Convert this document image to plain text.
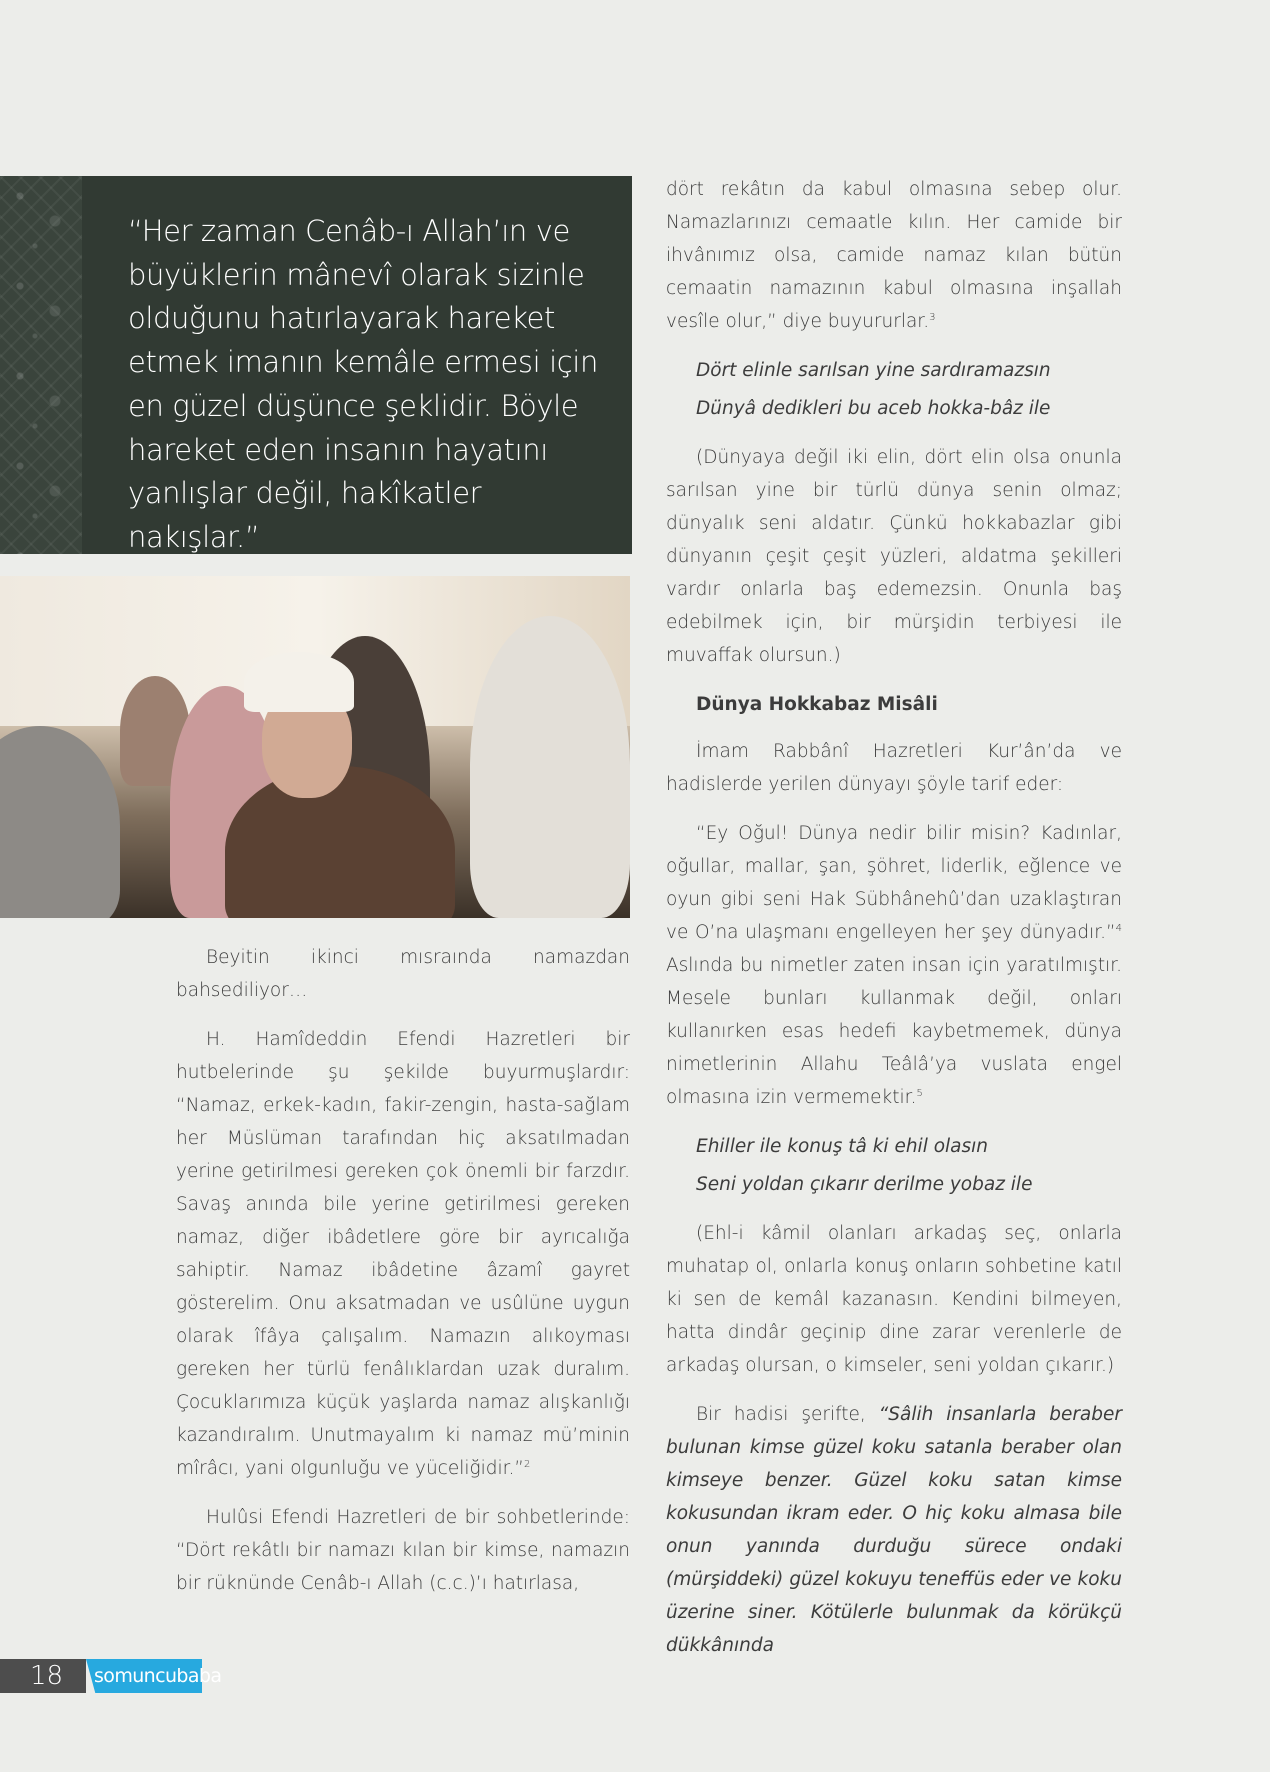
“Her zaman Cenâb-ı Allah’ın ve büyüklerin mânevî olarak sizinle olduğunu hatırlayarak hareket etmek imanın kemâle ermesi için en güzel düşünce şeklidir. Böyle hareket eden insanın hayatını yanlışlar değil, hakîkatler nakışlar.”

Beyitin ikinci mısraında namazdan bahsediliyor…

H. Hamîdeddin Efendi Hazretleri bir hutbelerinde şu şekilde buyurmuşlardır: “Namaz, erkek-kadın, fakir-zengin, hasta-sağlam her Müslüman tarafından hiç aksatılmadan yerine getirilmesi gereken çok önemli bir farzdır. Savaş anında bile yerine getirilmesi gereken namaz, diğer ibâdetlere göre bir ayrıcalığa sahiptir. Namaz ibâdetine âzamî gayret gösterelim. Onu aksatmadan ve usûlüne uygun olarak îfâya çalışalım. Namazın alıkoyması gereken her türlü fenâlıklardan uzak duralım. Çocuklarımıza küçük yaşlarda namaz alışkanlığı kazandıralım. Unutmayalım ki namaz mü’minin mîrâcı, yani olgunluğu ve yüceliğidir.”$^2$

Hulûsi Efendi Hazretleri de bir sohbetlerinde: “Dört rekâtlı bir namazı kılan bir kimse, namazın bir rüknünde Cenâb-ı Allah (c.c.)’ı hatırlasa,

dört rekâtın da kabul olmasına sebep olur. Namazlarınızı cemaatle kılın. Her camide bir ihvânımız olsa, camide namaz kılan bütün cemaatin namazının kabul olmasına inşallah vesîle olur,” diye buyururlar.$^3$

Dört elinle sarılsan yine sardıramazsın

Dünyâ dedikleri bu aceb hokka-bâz ile

(Dünyaya değil iki elin, dört elin olsa onunla sarılsan yine bir türlü dünya senin olmaz; dünyalık seni aldatır. Çünkü hokkabazlar gibi dünyanın çeşit çeşit yüzleri, aldatma şekilleri vardır onlarla baş edemezsin. Onunla baş edebilmek için, bir mürşidin terbiyesi ile muvaffak olursun.)

Dünya Hokkabaz Misâli

İmam Rabbânî Hazretleri Kur’ân’da ve hadislerde yerilen dünyayı şöyle tarif eder:

“Ey Oğul! Dünya nedir bilir misin? Kadınlar, oğullar, mallar, şan, şöhret, liderlik, eğlence ve oyun gibi seni Hak Sübhânehû’dan uzaklaştıran ve O’na ulaşmanı engelleyen her şey dünyadır.”$^4$ Aslında bu nimetler zaten insan için yaratılmıştır. Mesele bunları kullanmak değil, onları kullanırken esas hedefi kaybetmemek, dünya nimetlerinin Allahu Teâlâ’ya vuslata engel olmasına izin vermemektir.$^5$

Ehiller ile konuş tâ ki ehil olasın

Seni yoldan çıkarır derilme yobaz ile

(Ehl-i kâmil olanları arkadaş seç, onlarla muhatap ol, onlarla konuş onların sohbetine katıl ki sen de kemâl kazanasın. Kendini bilmeyen, hatta dindâr geçinip dine zarar verenlerle de arkadaş olursan, o kimseler, seni yoldan çıkarır.)

Bir hadisi şerifte, “Sâlih insanlarla beraber bulunan kimse güzel koku satanla beraber olan kimseye benzer. Güzel koku satan kimse kokusundan ikram eder. O hiç koku almasa bile onun yanında durduğu sürece ondaki (mürşiddeki) güzel kokuyu teneffüs eder ve koku üzerine siner. Kötülerle bulunmak da körükçü dükkânında

18 somuncubaba
